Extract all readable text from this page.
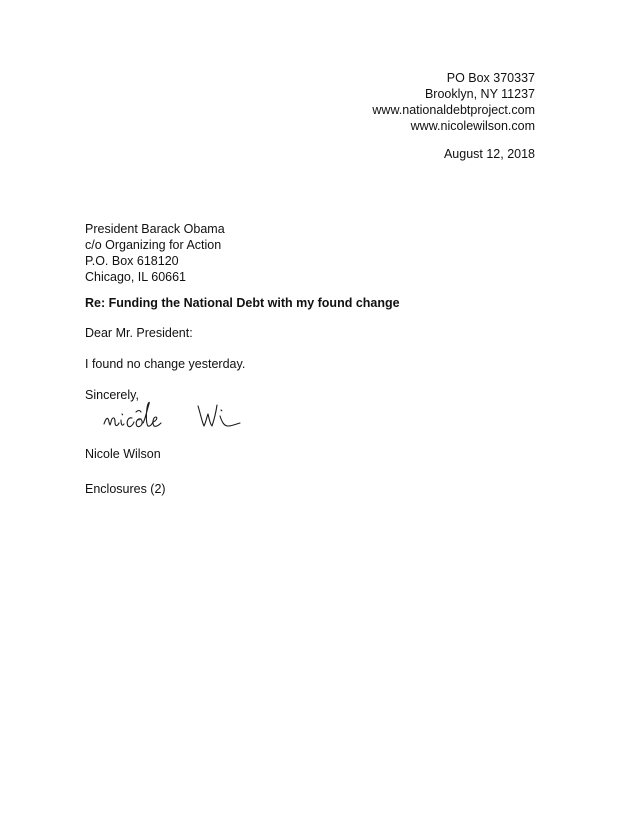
PO Box 370337
Brooklyn, NY 11237
www.nationaldebtproject.com
www.nicolewilson.com
August 12, 2018
President Barack Obama
c/o Organizing for Action
P.O. Box 618120
Chicago, IL 60661
Re: Funding the National Debt with my found change
Dear Mr. President:
I found no change yesterday.
Sincerely,
Nicole Wilson
Enclosures (2)
